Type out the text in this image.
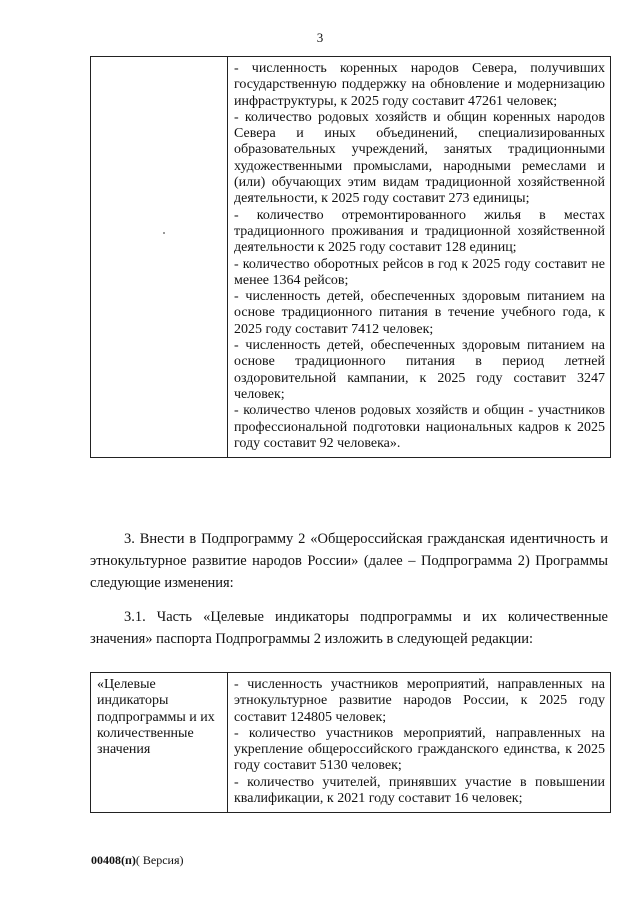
3

- численность коренных народов Севера, получивших государственную поддержку на обновление и модернизацию инфраструктуры, к 2025 году составит 47261 человек;
- количество родовых хозяйств и общин коренных народов Севера и иных объединений, специализированных образовательных учреждений, занятых традиционными художественными промыслами, народными ремеслами и (или) обучающих этим видам традиционной хозяйственной деятельности, к 2025 году составит 273 единицы;
- количество отремонтированного жилья в местах традиционного проживания и традиционной хозяйственной деятельности к 2025 году составит 128 единиц;
- количество оборотных рейсов в год к 2025 году составит не менее 1364 рейсов;
- численность детей, обеспеченных здоровым питанием на основе традиционного питания в течение учебного года, к 2025 году составит 7412 человек;
- численность детей, обеспеченных здоровым питанием на основе традиционного питания в период летней оздоровительной кампании, к 2025 году составит 3247 человек;
- количество членов родовых хозяйств и общин - участников профессиональной подготовки национальных кадров к 2025 году составит 92 человека».
3. Внести в Подпрограмму 2 «Общероссийская гражданская идентичность и этнокультурное развитие народов России» (далее – Подпрограмма 2) Программы следующие изменения:
3.1. Часть «Целевые индикаторы подпрограммы и их количественные значения» паспорта Подпрограммы 2 изложить в следующей редакции:
«Целевые индикаторы подпрограммы и их количественные значения

- численность участников мероприятий, направленных на этнокультурное развитие народов России, к 2025 году составит 124805 человек;
- количество участников мероприятий, направленных на укрепление общероссийского гражданского единства, к 2025 году составит 5130 человек;
- количество учителей, принявших участие в повышении квалификации, к 2021 году составит 16 человек;
00408(п)( Версия)
